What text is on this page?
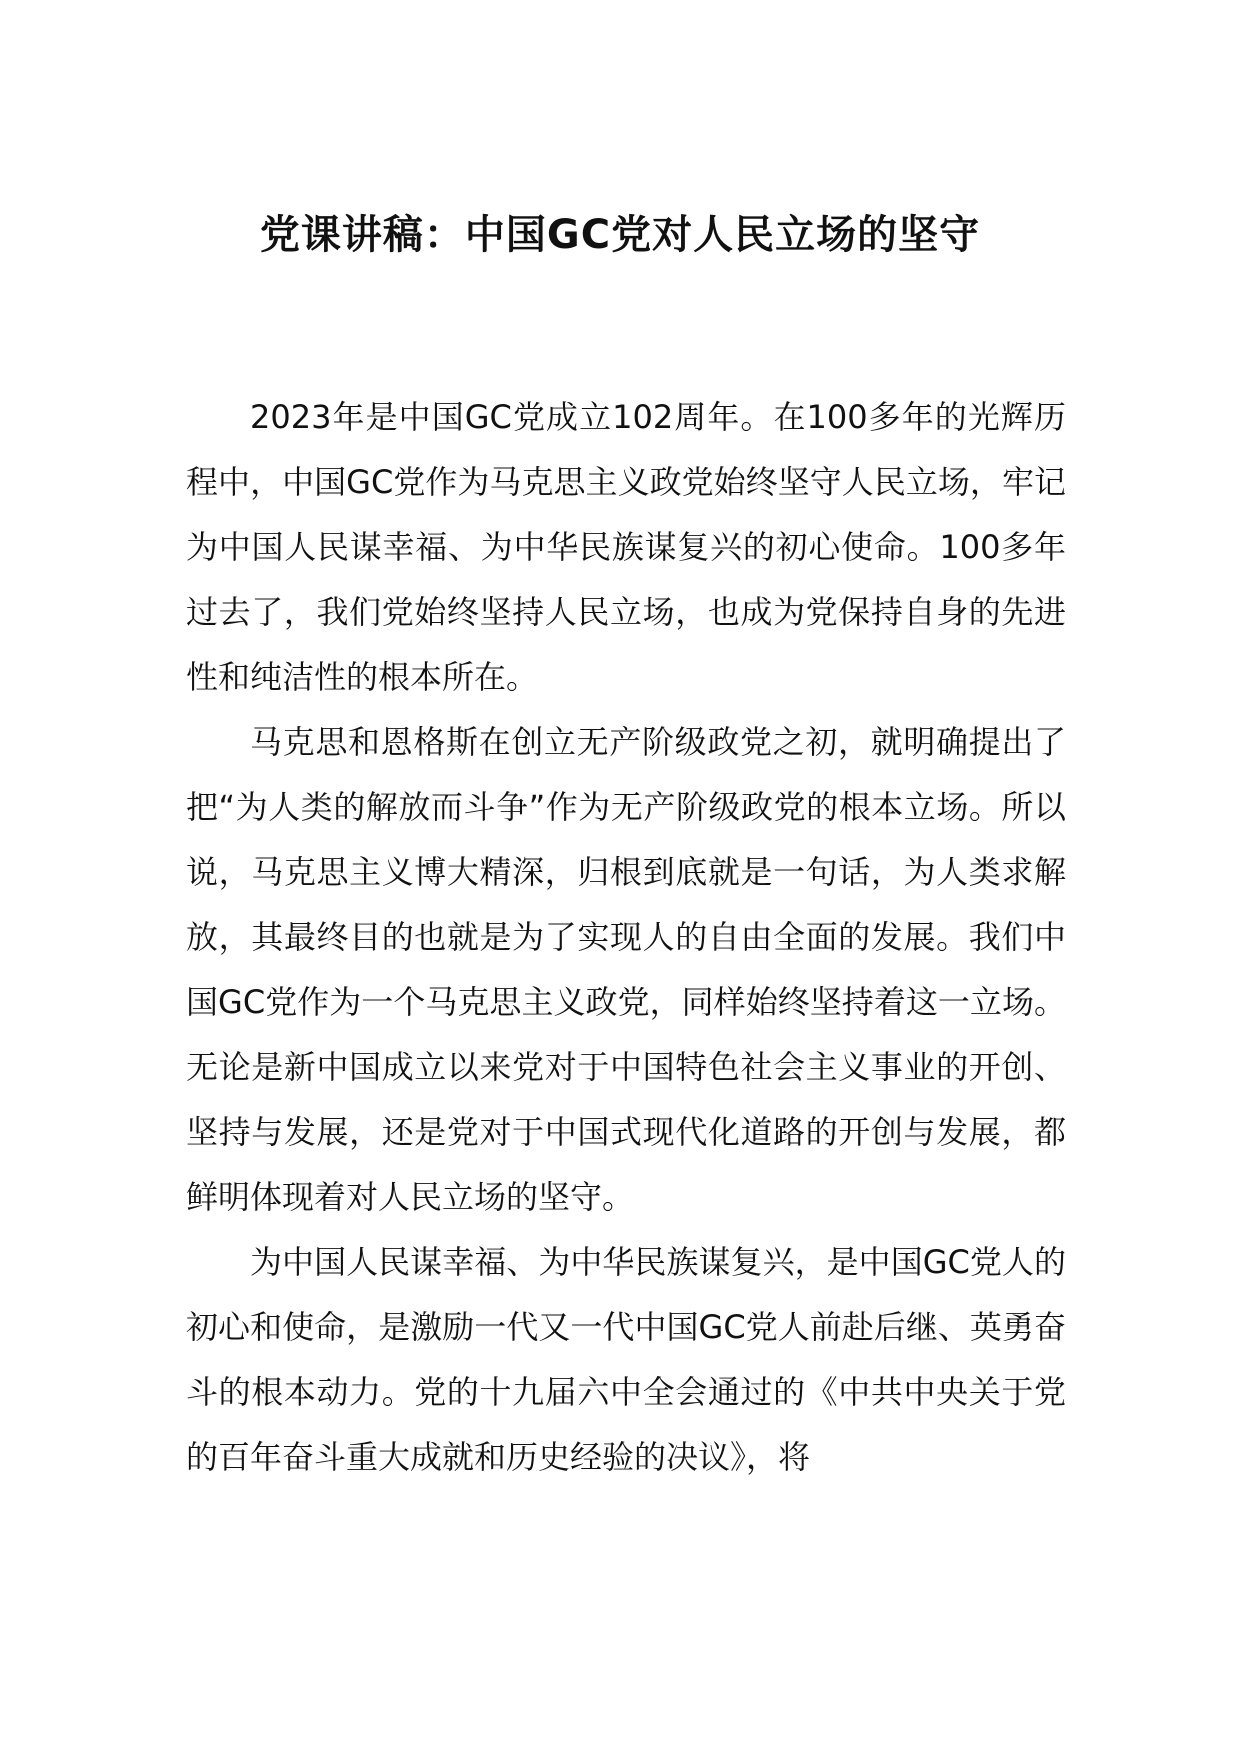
党课讲稿：中国GC党对人民立场的坚守

2023年是中国GC党成立102周年。在100多年的光辉历程中，中国GC党作为马克思主义政党始终坚守人民立场，牢记为中国人民谋幸福、为中华民族谋复兴的初心使命。100多年过去了，我们党始终坚持人民立场，也成为党保持自身的先进性和纯洁性的根本所在。

马克思和恩格斯在创立无产阶级政党之初，就明确提出了把“为人类的解放而斗争”作为无产阶级政党的根本立场。所以说，马克思主义博大精深，归根到底就是一句话，为人类求解放，其最终目的也就是为了实现人的自由全面的发展。我们中国GC党作为一个马克思主义政党，同样始终坚持着这一立场。无论是新中国成立以来党对于中国特色社会主义事业的开创、坚持与发展，还是党对于中国式现代化道路的开创与发展，都鲜明体现着对人民立场的坚守。

为中国人民谋幸福、为中华民族谋复兴，是中国GC党人的初心和使命，是激励一代又一代中国GC党人前赴后继、英勇奋斗的根本动力。党的十九届六中全会通过的《中共中央关于党的百年奋斗重大成就和历史经验的决议》，将
